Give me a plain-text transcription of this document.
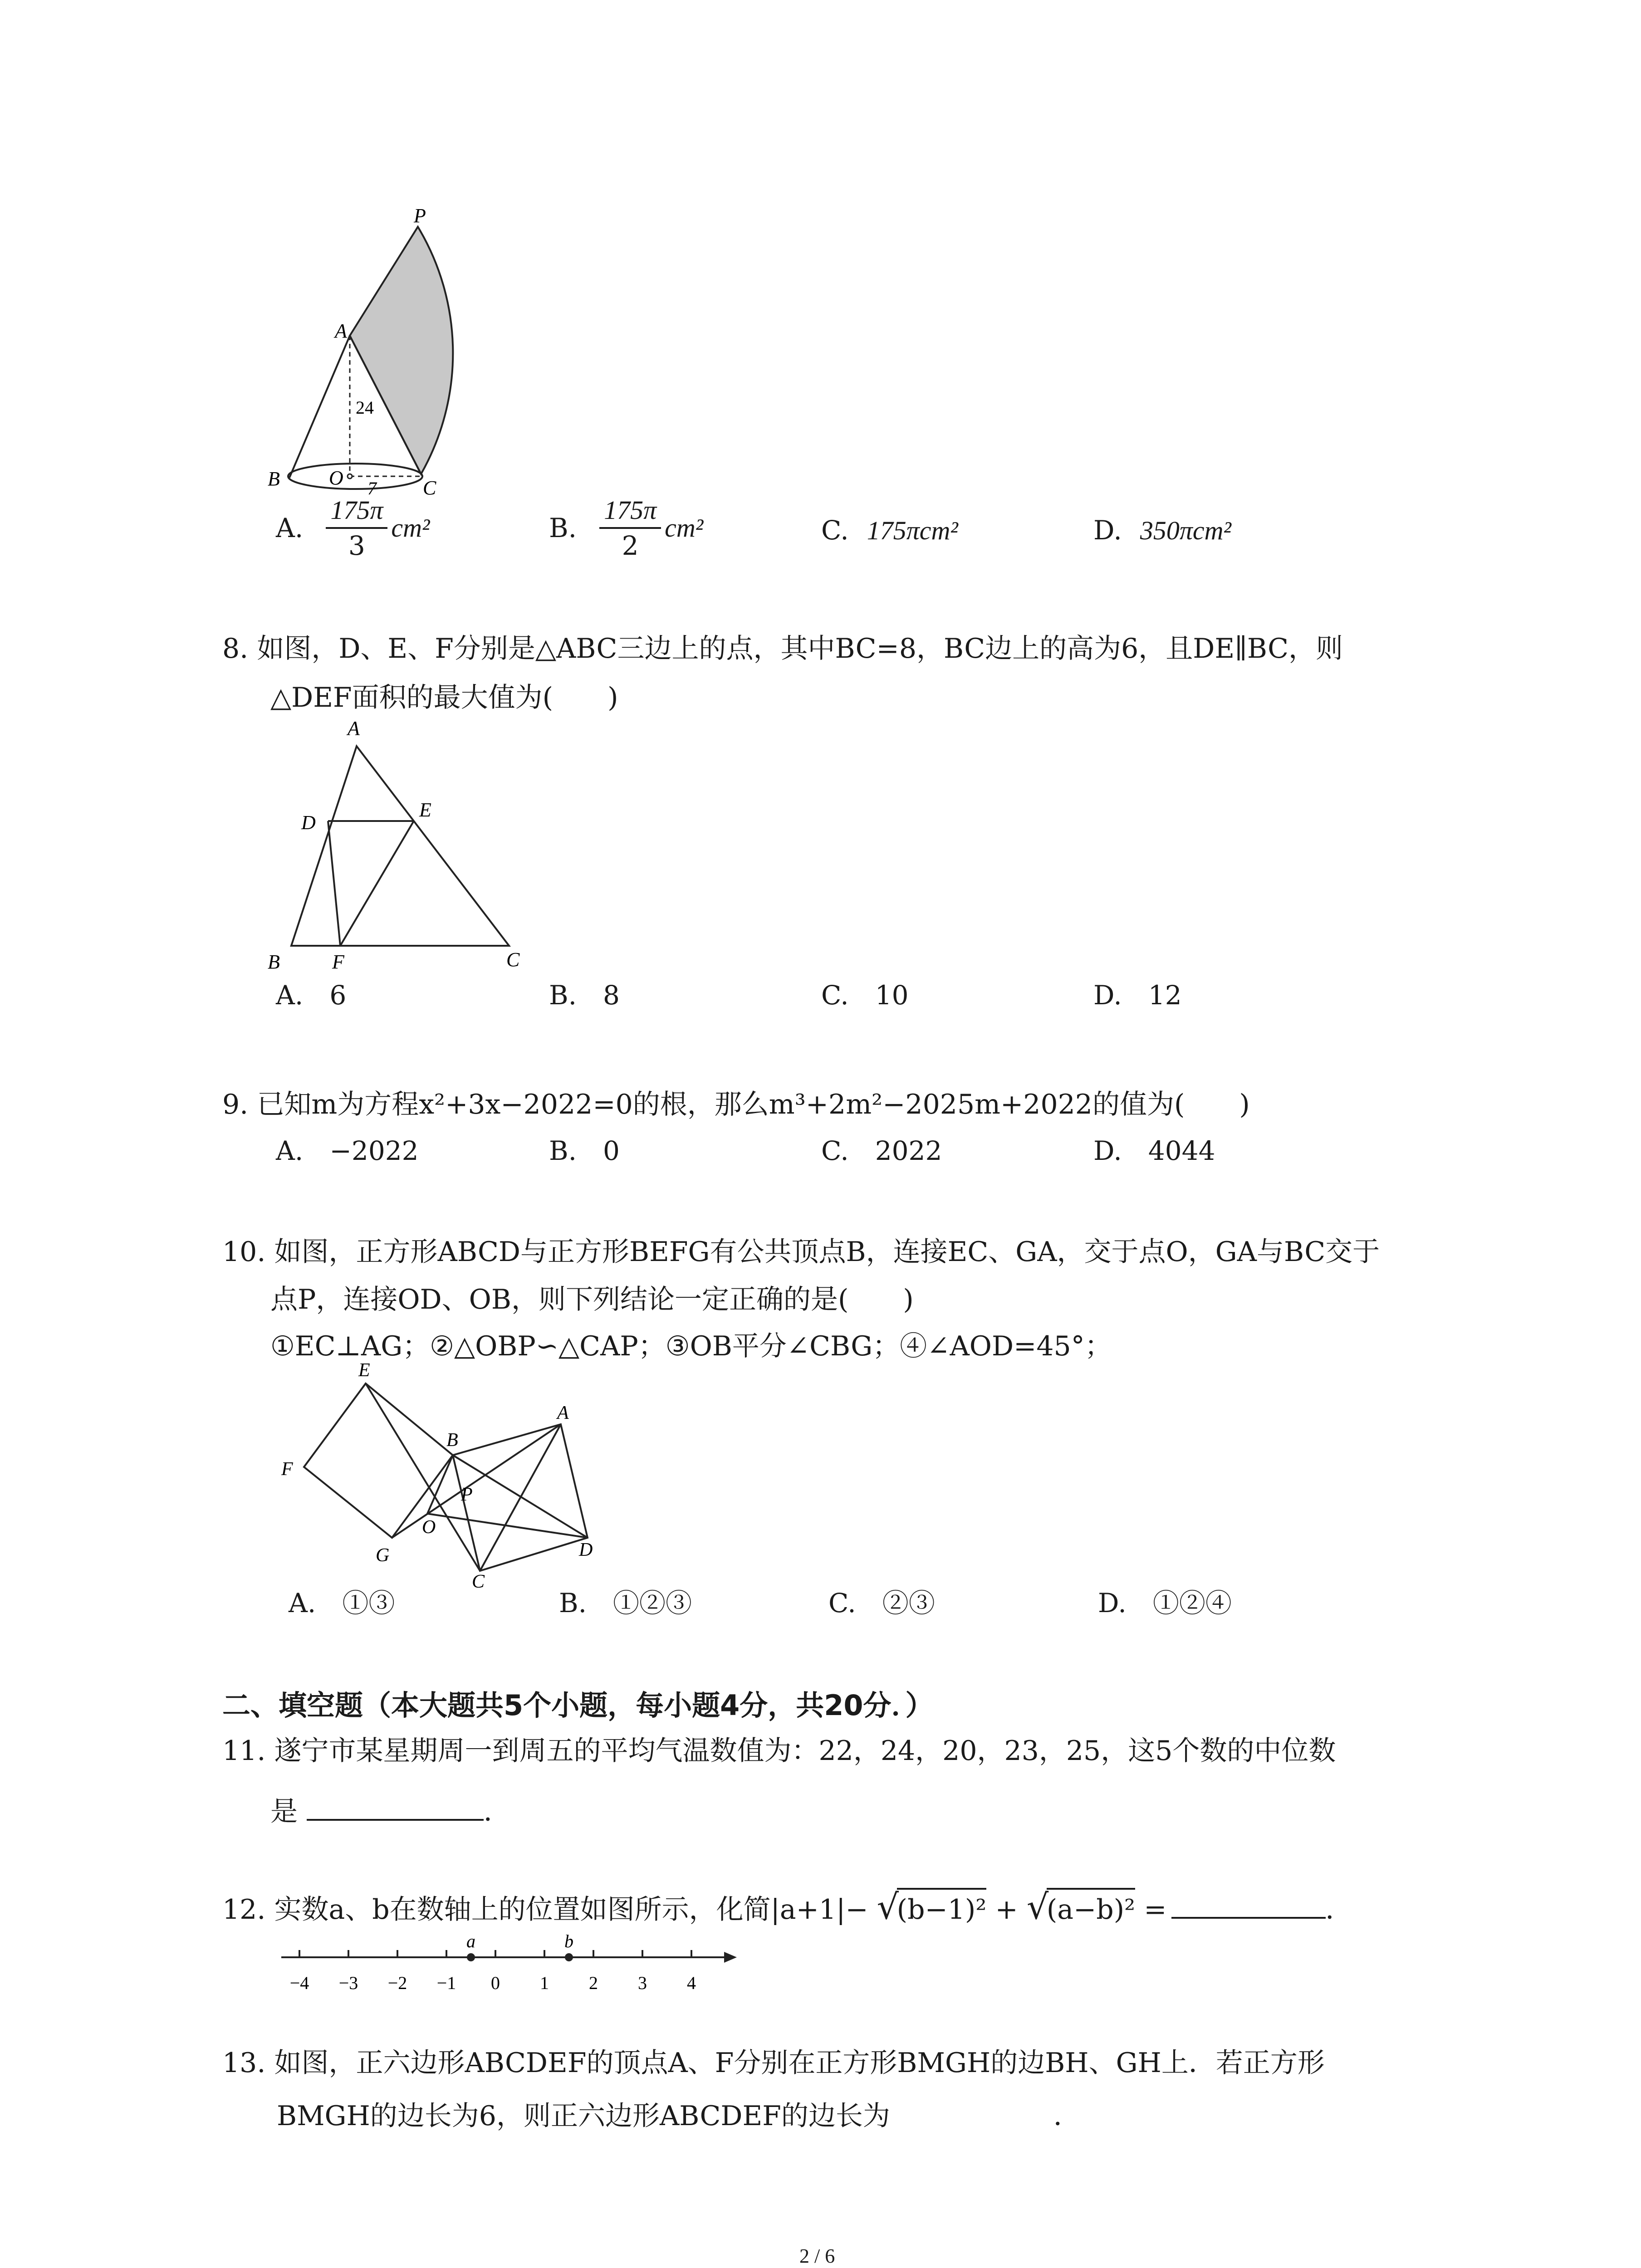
P
A
B O	C
24
7
A. $\frac{175\pi}{3} cm^2$	B. $\frac{175\pi}{2} cm^2$	C. 175πcm²	D. 350πcm²
8. 如图，D、E、F分别是△ABC三边上的点，其中BC=8，BC边上的高为6，且DE∥BC，则
△DEF面积的最大值为(　　)
A
D
E
B	F	C
A.　6	B.　8	C.　10	D.　12
9. 已知m为方程x²+3x−2022=0的根，那么m³+2m²−2025m+2022的值为(　　)
A.　−2022	B.　0	C.　2022	D.　4044
10. 如图，正方形ABCD与正方形BEFG有公共顶点B，连接EC、GA，交于点O，GA与BC交于
点P，连接OD、OB，则下列结论一定正确的是(　　)
①EC⊥AG；②△OBP∽△CAP；③OB平分∠CBG；④∠AOD=45°；
E
F
G
B
A
P
O
C
D
A.　①③	B.　①②③	C.　②③	D.　①②④
二、填空题（本大题共5个小题，每小题4分，共20分．）
11. 遂宁市某星期周一到周五的平均气温数值为：22，24，20，23，25，这5个数的中位数
是	．
12. 实数a、b在数轴上的位置如图所示，化简|a+1|− √
(b−1)² + √
(a−b)² =	．
−4 −3 −2 −1 0 1 2 3 4
a	b
13. 如图，正六边形ABCDEF的顶点A、F分别在正方形BMGH的边BH、GH上．若正方形
BMGH的边长为6，则正六边形ABCDEF的边长为	．
2 / 6
